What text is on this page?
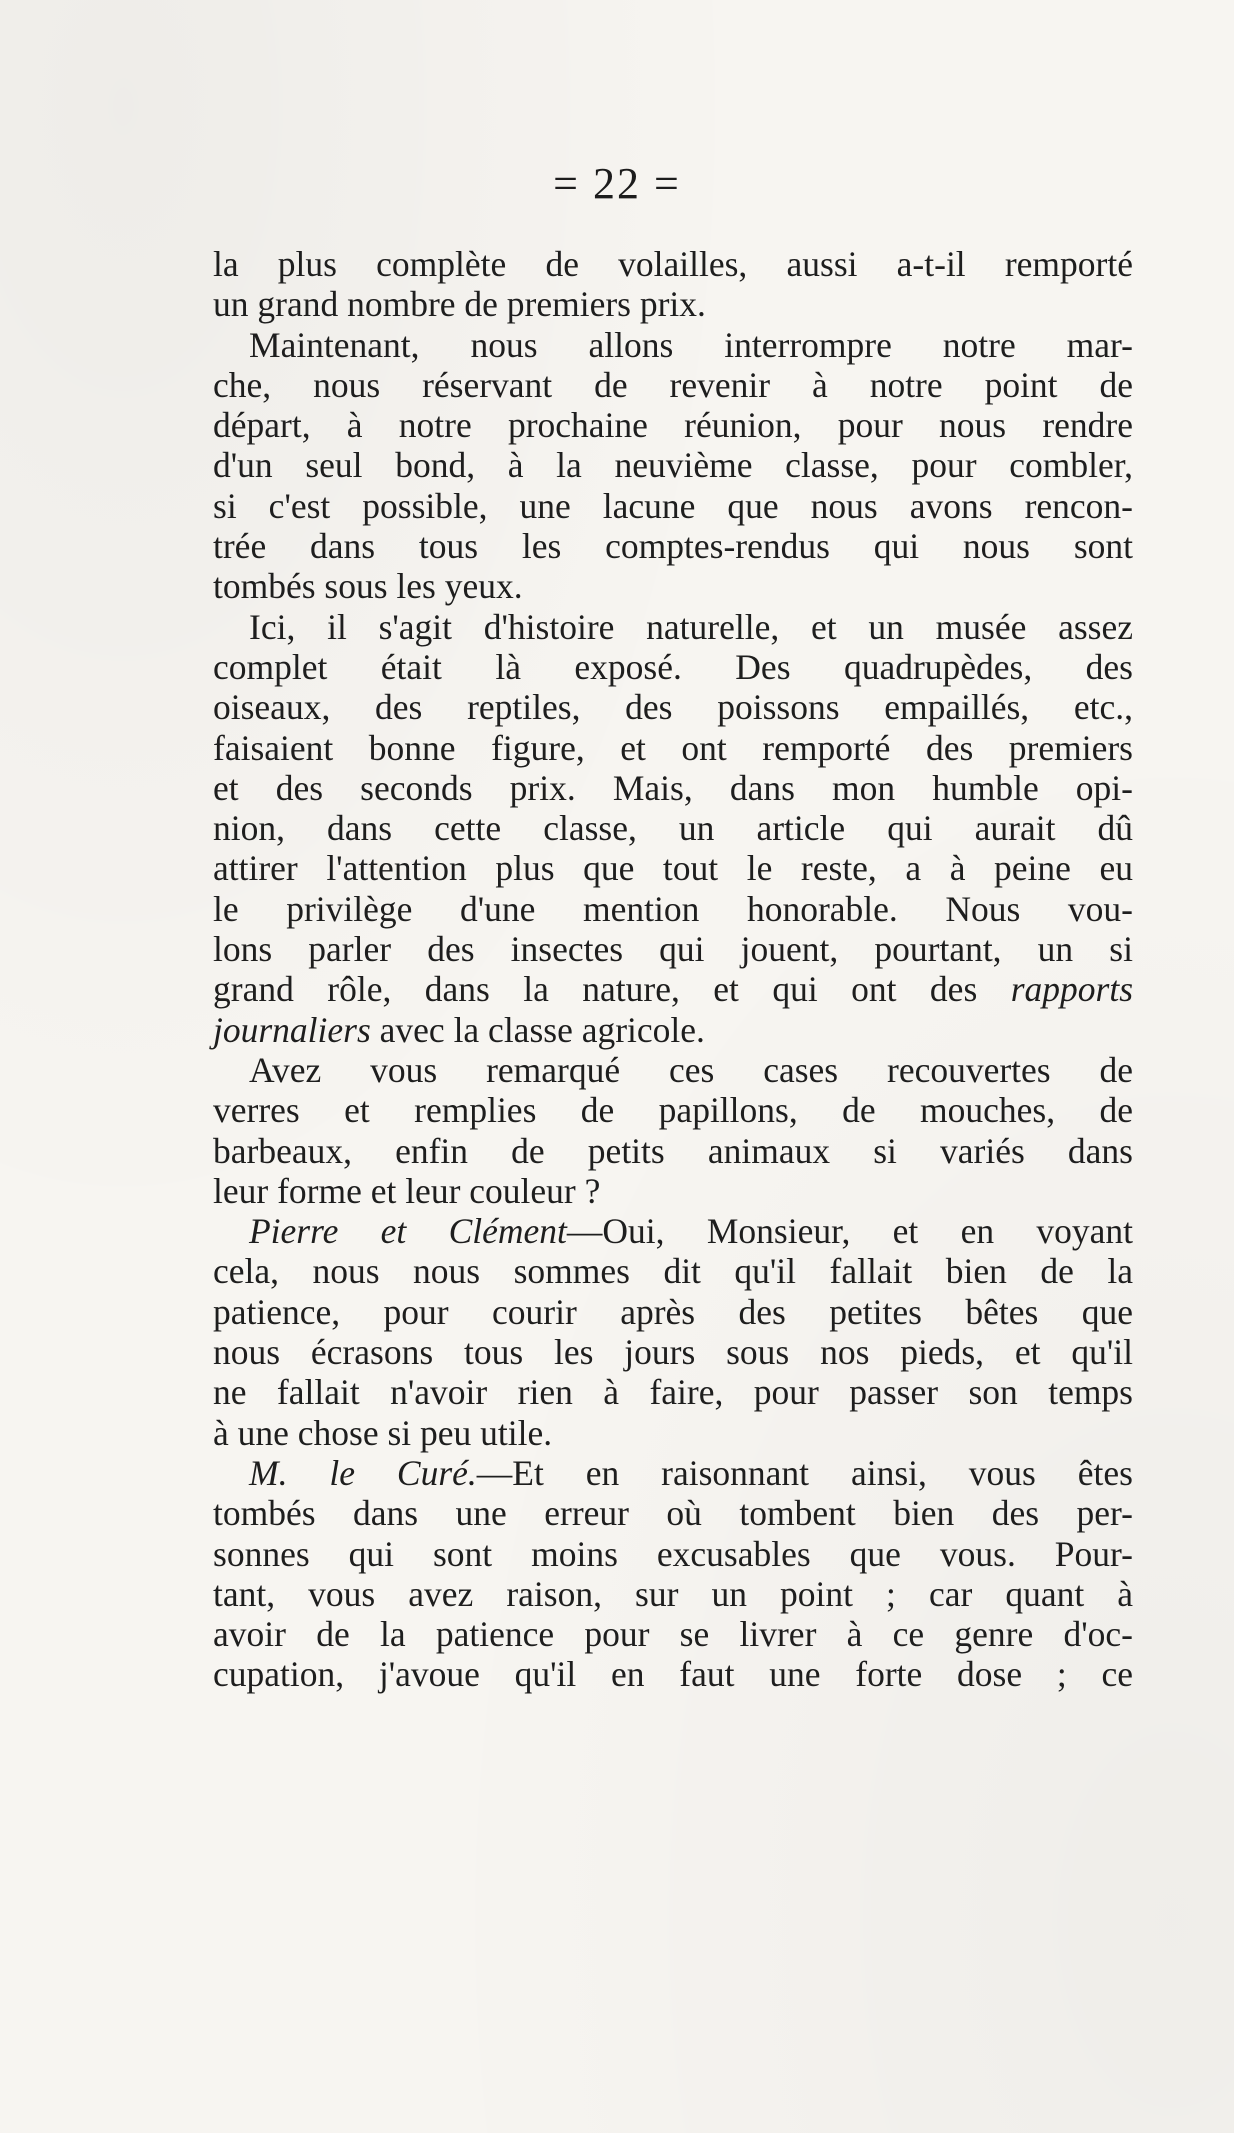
= 22 =
la plus complète de volailles, aussi a-t-il remporté
un grand nombre de premiers prix.
Maintenant, nous allons interrompre notre mar-
che, nous réservant de revenir à notre point de
départ, à notre prochaine réunion, pour nous rendre
d'un seul bond, à la neuvième classe, pour combler,
si c'est possible, une lacune que nous avons rencon-
trée dans tous les comptes-rendus qui nous sont
tombés sous les yeux.
Ici, il s'agit d'histoire naturelle, et un musée assez
complet était là exposé. Des quadrupèdes, des
oiseaux, des reptiles, des poissons empaillés, etc.,
faisaient bonne figure, et ont remporté des premiers
et des seconds prix. Mais, dans mon humble opi-
nion, dans cette classe, un article qui aurait dû
attirer l'attention plus que tout le reste, a à peine eu
le privilège d'une mention honorable. Nous vou-
lons parler des insectes qui jouent, pourtant, un si
grand rôle, dans la nature, et qui ont des rapports
journaliers avec la classe agricole.
Avez vous remarqué ces cases recouvertes de
verres et remplies de papillons, de mouches, de
barbeaux, enfin de petits animaux si variés dans
leur forme et leur couleur ?
Pierre et Clément—Oui, Monsieur, et en voyant
cela, nous nous sommes dit qu'il fallait bien de la
patience, pour courir après des petites bêtes que
nous écrasons tous les jours sous nos pieds, et qu'il
ne fallait n'avoir rien à faire, pour passer son temps
à une chose si peu utile.
M. le Curé.—Et en raisonnant ainsi, vous êtes
tombés dans une erreur où tombent bien des per-
sonnes qui sont moins excusables que vous. Pour-
tant, vous avez raison, sur un point ; car quant à
avoir de la patience pour se livrer à ce genre d'oc-
cupation, j'avoue qu'il en faut une forte dose ; ce
